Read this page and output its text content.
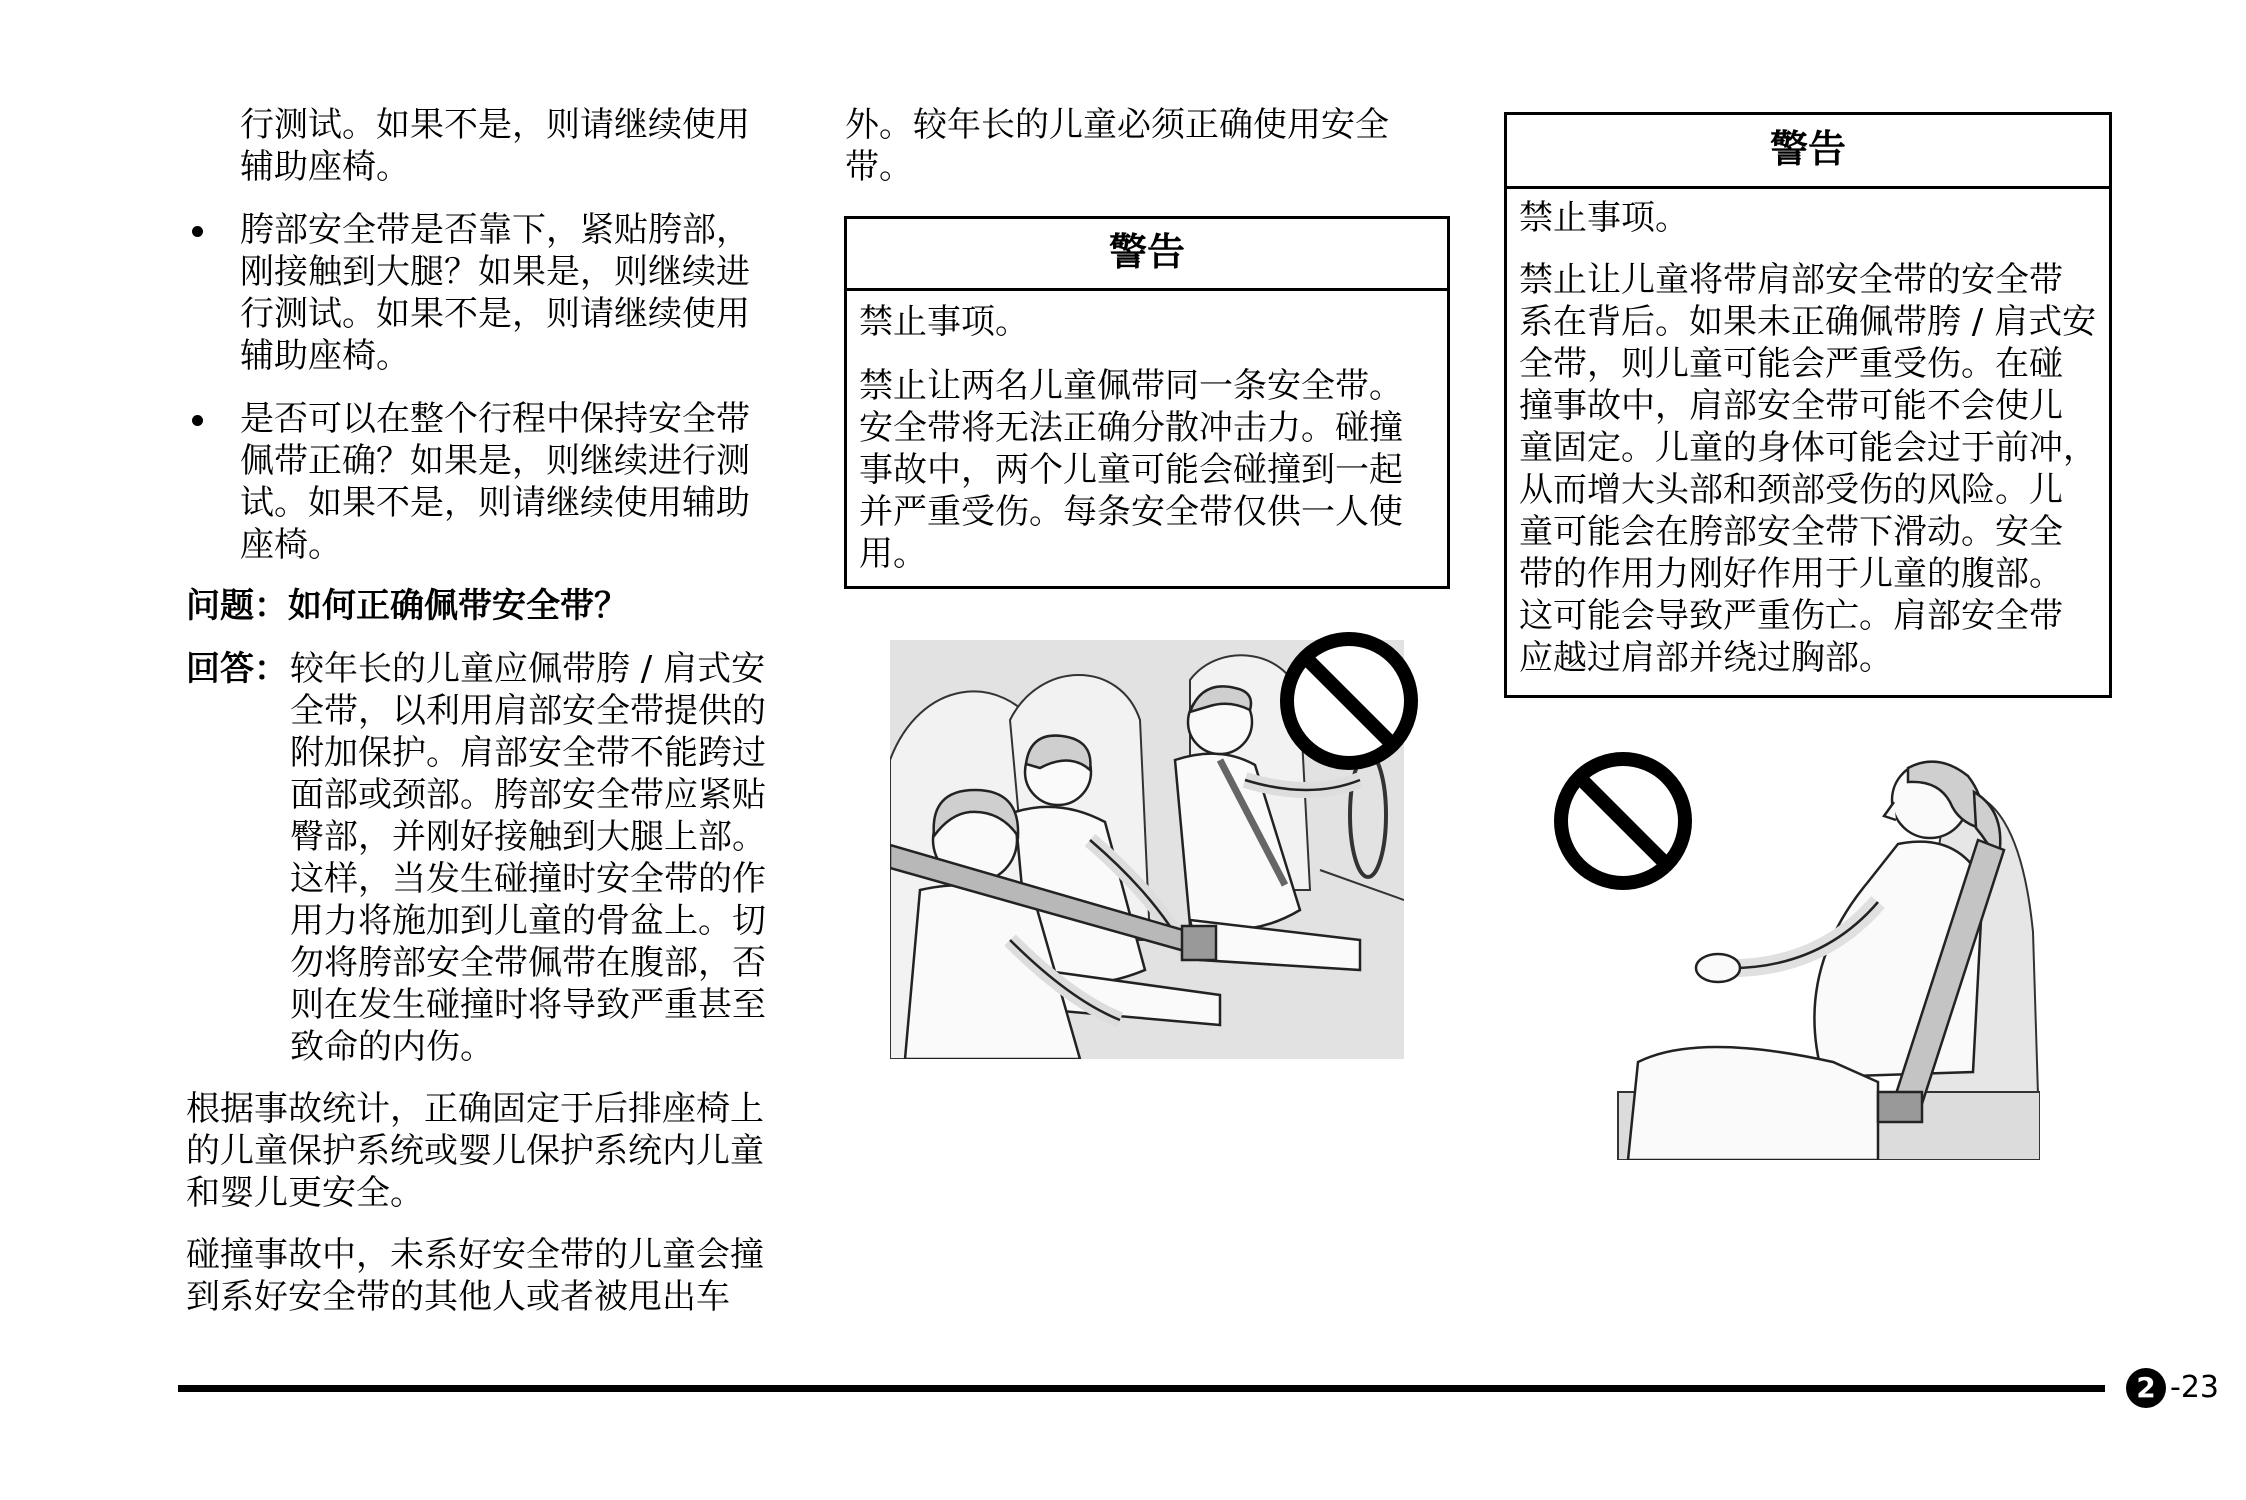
行测试。如果不是，则请继续使用
辅助座椅。
胯部安全带是否靠下，紧贴胯部，
刚接触到大腿？如果是，则继续进
行测试。如果不是，则请继续使用
辅助座椅。
是否可以在整个行程中保持安全带
佩带正确？如果是，则继续进行测
试。如果不是，则请继续使用辅助
座椅。
问题：如何正确佩带安全带？
回答： 较年长的儿童应佩带胯 / 肩式安
全带，以利用肩部安全带提供的
附加保护。肩部安全带不能跨过
面部或颈部。胯部安全带应紧贴
臀部，并刚好接触到大腿上部。
这样，当发生碰撞时安全带的作
用力将施加到儿童的骨盆上。切
勿将胯部安全带佩带在腹部，否
则在发生碰撞时将导致严重甚至
致命的内伤。
根据事故统计，正确固定于后排座椅上
的儿童保护系统或婴儿保护系统内儿童
和婴儿更安全。
碰撞事故中，未系好安全带的儿童会撞
到系好安全带的其他人或者被甩出车
外。较年长的儿童必须正确使用安全
带。
警告
禁止事项。
禁止让两名儿童佩带同一条安全带。
安全带将无法正确分散冲击力。碰撞
事故中，两个儿童可能会碰撞到一起
并严重受伤。每条安全带仅供一人使
用。
警告
禁止事项。
禁止让儿童将带肩部安全带的安全带
系在背后。如果未正确佩带胯 / 肩式安
全带，则儿童可能会严重受伤。在碰
撞事故中，肩部安全带可能不会使儿
童固定。儿童的身体可能会过于前冲，
从而增大头部和颈部受伤的风险。儿
童可能会在胯部安全带下滑动。安全
带的作用力刚好作用于儿童的腹部。
这可能会导致严重伤亡。肩部安全带
应越过肩部并绕过胸部。
2 -23
